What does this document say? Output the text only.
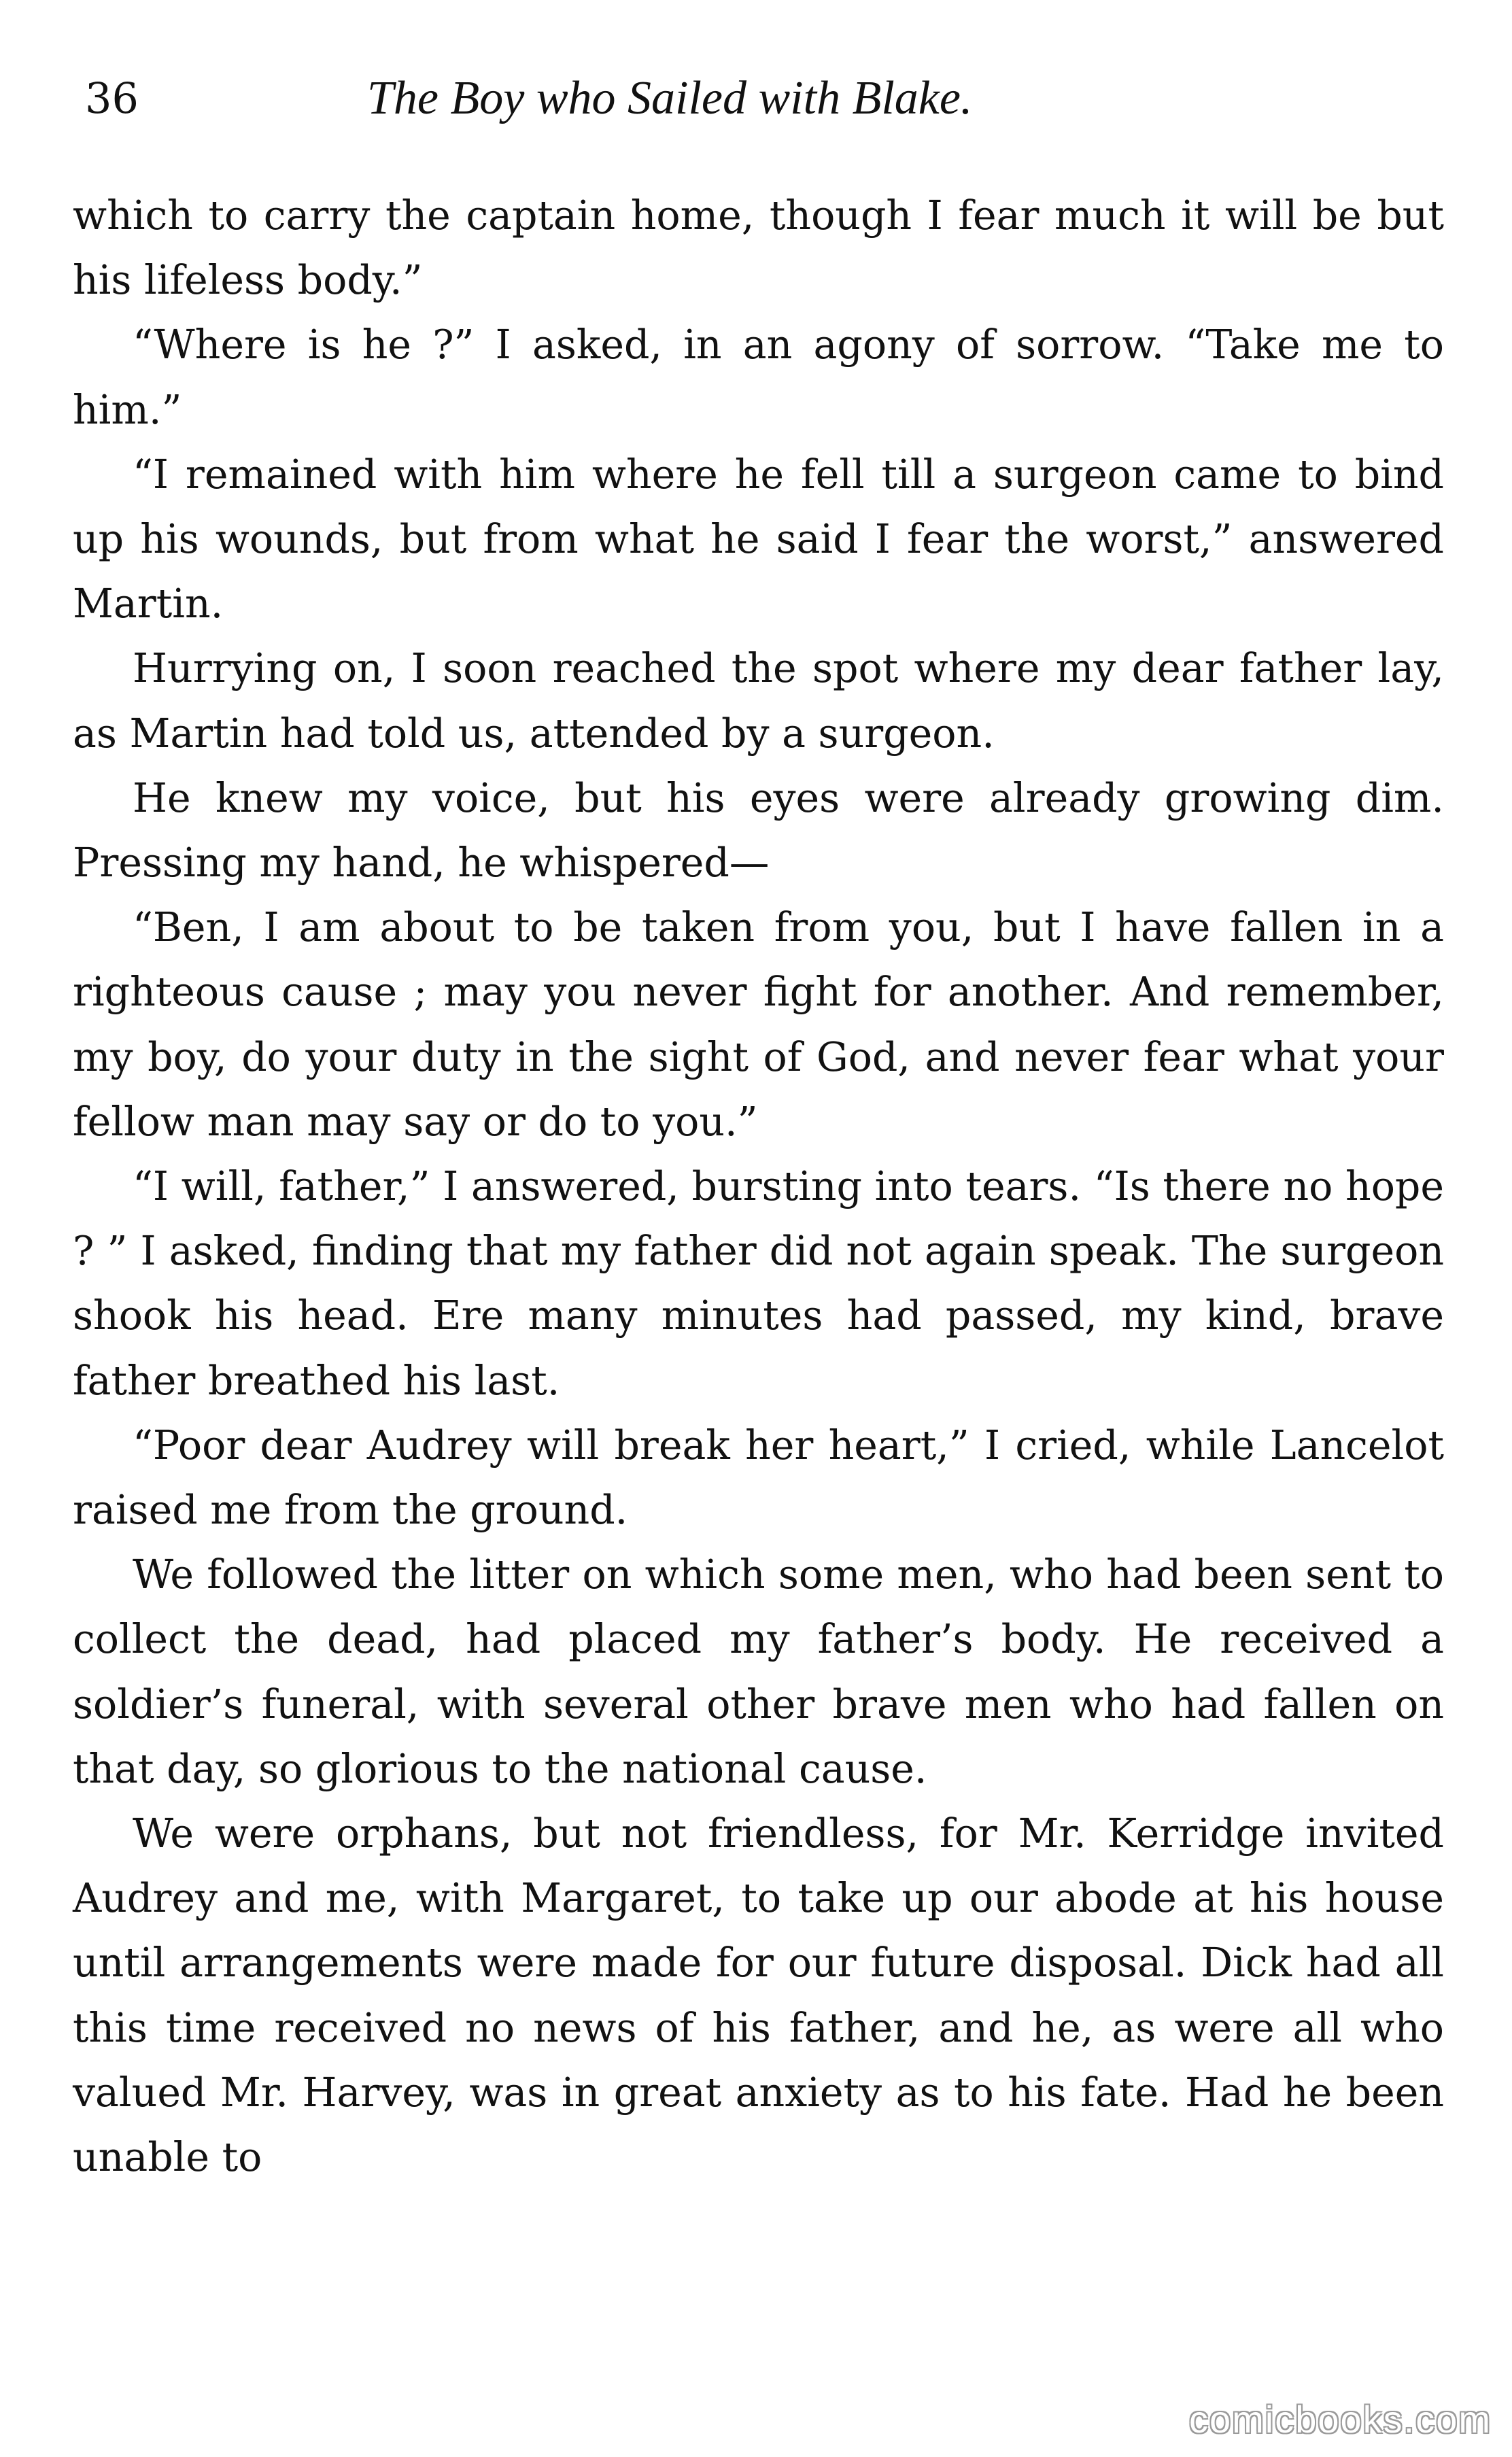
36	The Boy who Sailed with Blake.

which to carry the captain home, though I fear much it will be but his lifeless body.”

“Where is he ?” I asked, in an agony of sorrow. “Take me to him.”

“I remained with him where he fell till a surgeon came to bind up his wounds, but from what he said I fear the worst,” answered Martin.

Hurrying on, I soon reached the spot where my dear father lay, as Martin had told us, attended by a surgeon.

He knew my voice, but his eyes were already growing dim. Pressing my hand, he whispered—

“Ben, I am about to be taken from you, but I have fallen in a righteous cause ; may you never fight for another. And remember, my boy, do your duty in the sight of God, and never fear what your fellow man may say or do to you.”

“I will, father,” I answered, bursting into tears. “Is there no hope ? ” I asked, finding that my father did not again speak. The surgeon shook his head. Ere many minutes had passed, my kind, brave father breathed his last.

“Poor dear Audrey will break her heart,” I cried, while Lancelot raised me from the ground.

We followed the litter on which some men, who had been sent to collect the dead, had placed my father’s body. He received a soldier’s funeral, with several other brave men who had fallen on that day, so glorious to the national cause.

We were orphans, but not friendless, for Mr. Kerridge invited Audrey and me, with Margaret, to take up our abode at his house until arrangements were made for our future disposal. Dick had all this time received no news of his father, and he, as were all who valued Mr. Harvey, was in great anxiety as to his fate. Had he been unable to

comicbooks.com
